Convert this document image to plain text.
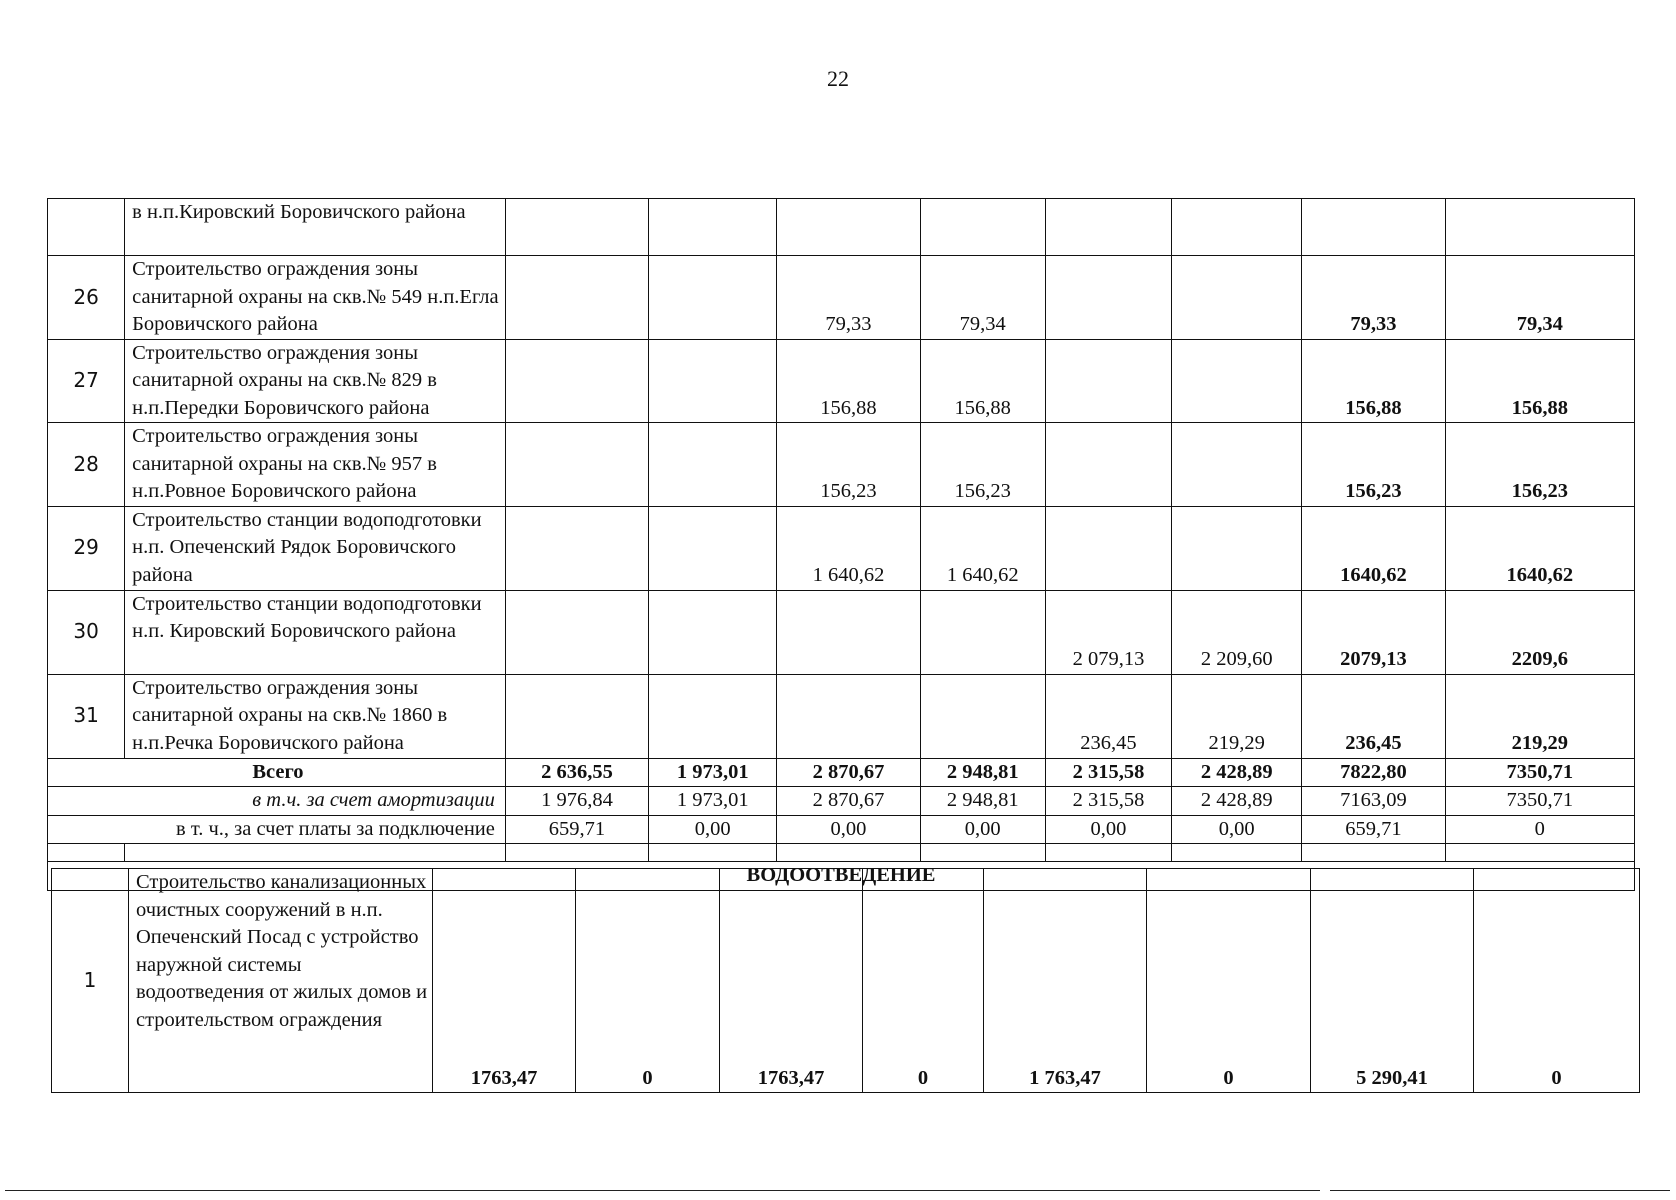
22
	в н.п.Кировский Боровичского района								
26	Строительство ограждения зоны санитарной охраны на скв.№ 549 н.п.Егла Боровичского района			79,33	79,34			79,33	79,34
27	Строительство ограждения зоны санитарной охраны на скв.№ 829 в н.п.Передки Боровичского района			156,88	156,88			156,88	156,88
28	Строительство ограждения зоны санитарной охраны на скв.№ 957 в н.п.Ровное Боровичского района			156,23	156,23			156,23	156,23
29	Строительство станции водоподготовки н.п. Опеченский Рядок Боровичского района			1 640,62	1 640,62			1640,62	1640,62
30	Строительство станции водоподготовки н.п. Кировский Боровичского района					2 079,13	2 209,60	2079,13	2209,6
31	Строительство ограждения зоны санитарной охраны на скв.№ 1860 в н.п.Речка Боровичского района					236,45	219,29	236,45	219,29
Всего		2 636,55	1 973,01	2 870,67	2 948,81	2 315,58	2 428,89	7822,80	7350,71
в т.ч. за счет амортизации		1 976,84	1 973,01	2 870,67	2 948,81	2 315,58	2 428,89	7163,09	7350,71
в т. ч., за счет платы за подключение		659,71	0,00	0,00	0,00	0,00	0,00	659,71	0

ВОДООТВЕДЕНИЕ									
1	Строительство канализационных очистных сооружений в н.п. Опеченский Посад с устройство наружной системы водоотведения от жилых домов и строительством ограждения	1763,47	0	1763,47	0	1 763,47	0	5 290,41	0
